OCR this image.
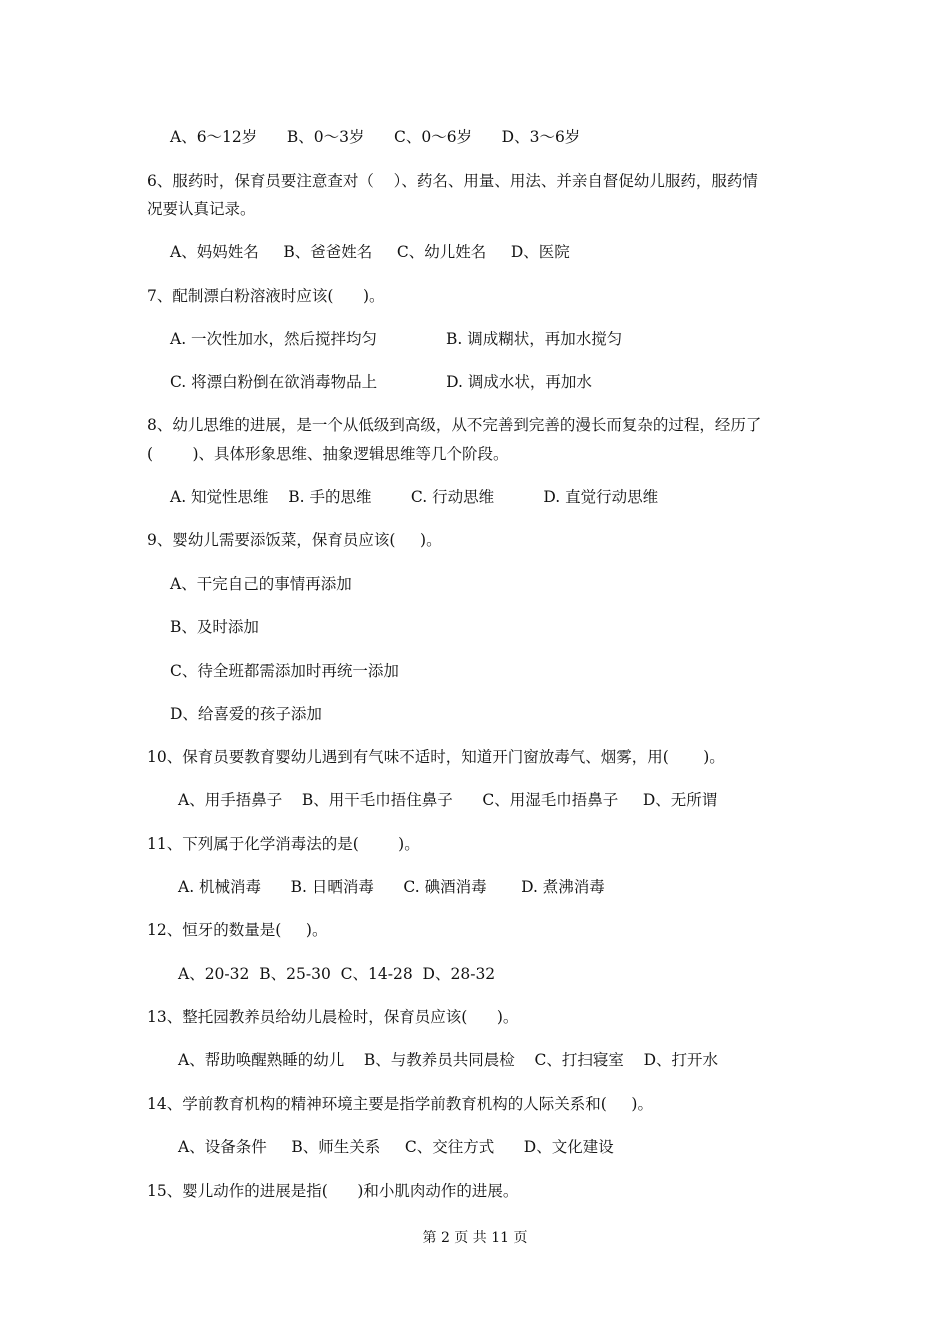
A、6～12岁      B、0～3岁      C、0～6岁      D、3～6岁
6、服药时，保育员要注意查对（    ）、药名、用量、用法、并亲自督促幼儿服药，服药情
况要认真记录。
A、妈妈姓名     B、爸爸姓名     C、幼儿姓名     D、医院
7、配制漂白粉溶液时应该(      )。
A. 一次性加水，然后搅拌均匀              B. 调成糊状，再加水搅匀
C. 将漂白粉倒在欲消毒物品上              D. 调成水状，再加水
8、幼儿思维的进展，是一个从低级到高级，从不完善到完善的漫长而复杂的过程，经历了
(        )、具体形象思维、抽象逻辑思维等几个阶段。
A. 知觉性思维    B. 手的思维        C. 行动思维          D. 直觉行动思维
9、婴幼儿需要添饭菜，保育员应该(     )。
A、干完自己的事情再添加
B、及时添加
C、待全班都需添加时再统一添加
D、给喜爱的孩子添加
10、保育员要教育婴幼儿遇到有气味不适时，知道开门窗放毒气、烟雾，用(       )。
A、用手捂鼻子    B、用干毛巾捂住鼻子      C、用湿毛巾捂鼻子     D、无所谓
11、下列属于化学消毒法的是(        )。
A. 机械消毒      B. 日晒消毒      C. 碘酒消毒       D. 煮沸消毒
12、恒牙的数量是(     )。
A、20-32  B、25-30  C、14-28  D、28-32
13、整托园教养员给幼儿晨检时，保育员应该(      )。
A、帮助唤醒熟睡的幼儿    B、与教养员共同晨检    C、打扫寝室    D、打开水
14、学前教育机构的精神环境主要是指学前教育机构的人际关系和(     )。
A、设备条件     B、师生关系     C、交往方式      D、文化建设
15、婴儿动作的进展是指(      )和小肌肉动作的进展。
第 2 页 共 11 页
